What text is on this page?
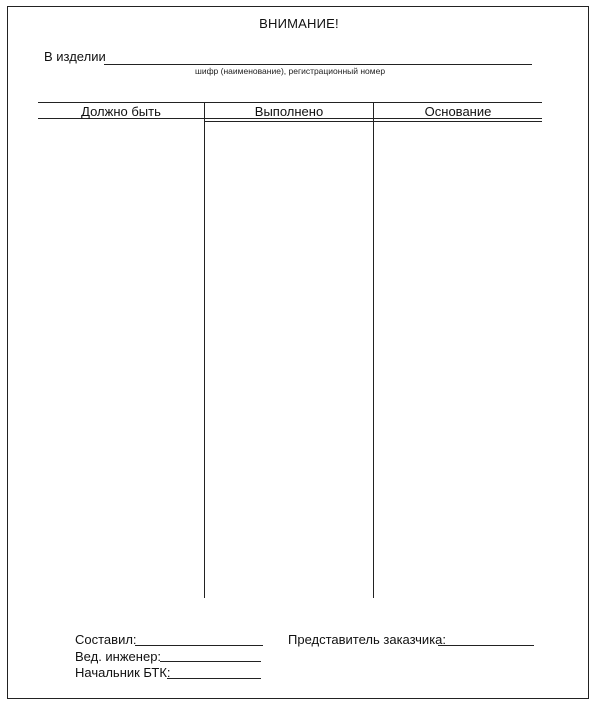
ВНИМАНИЕ!
В изделии
шифр (наименование), регистрационный номер
Должно быть	Выполнено	Основание
Составил:	Представитель заказчика:
Вед. инженер:
Начальник БТК:
